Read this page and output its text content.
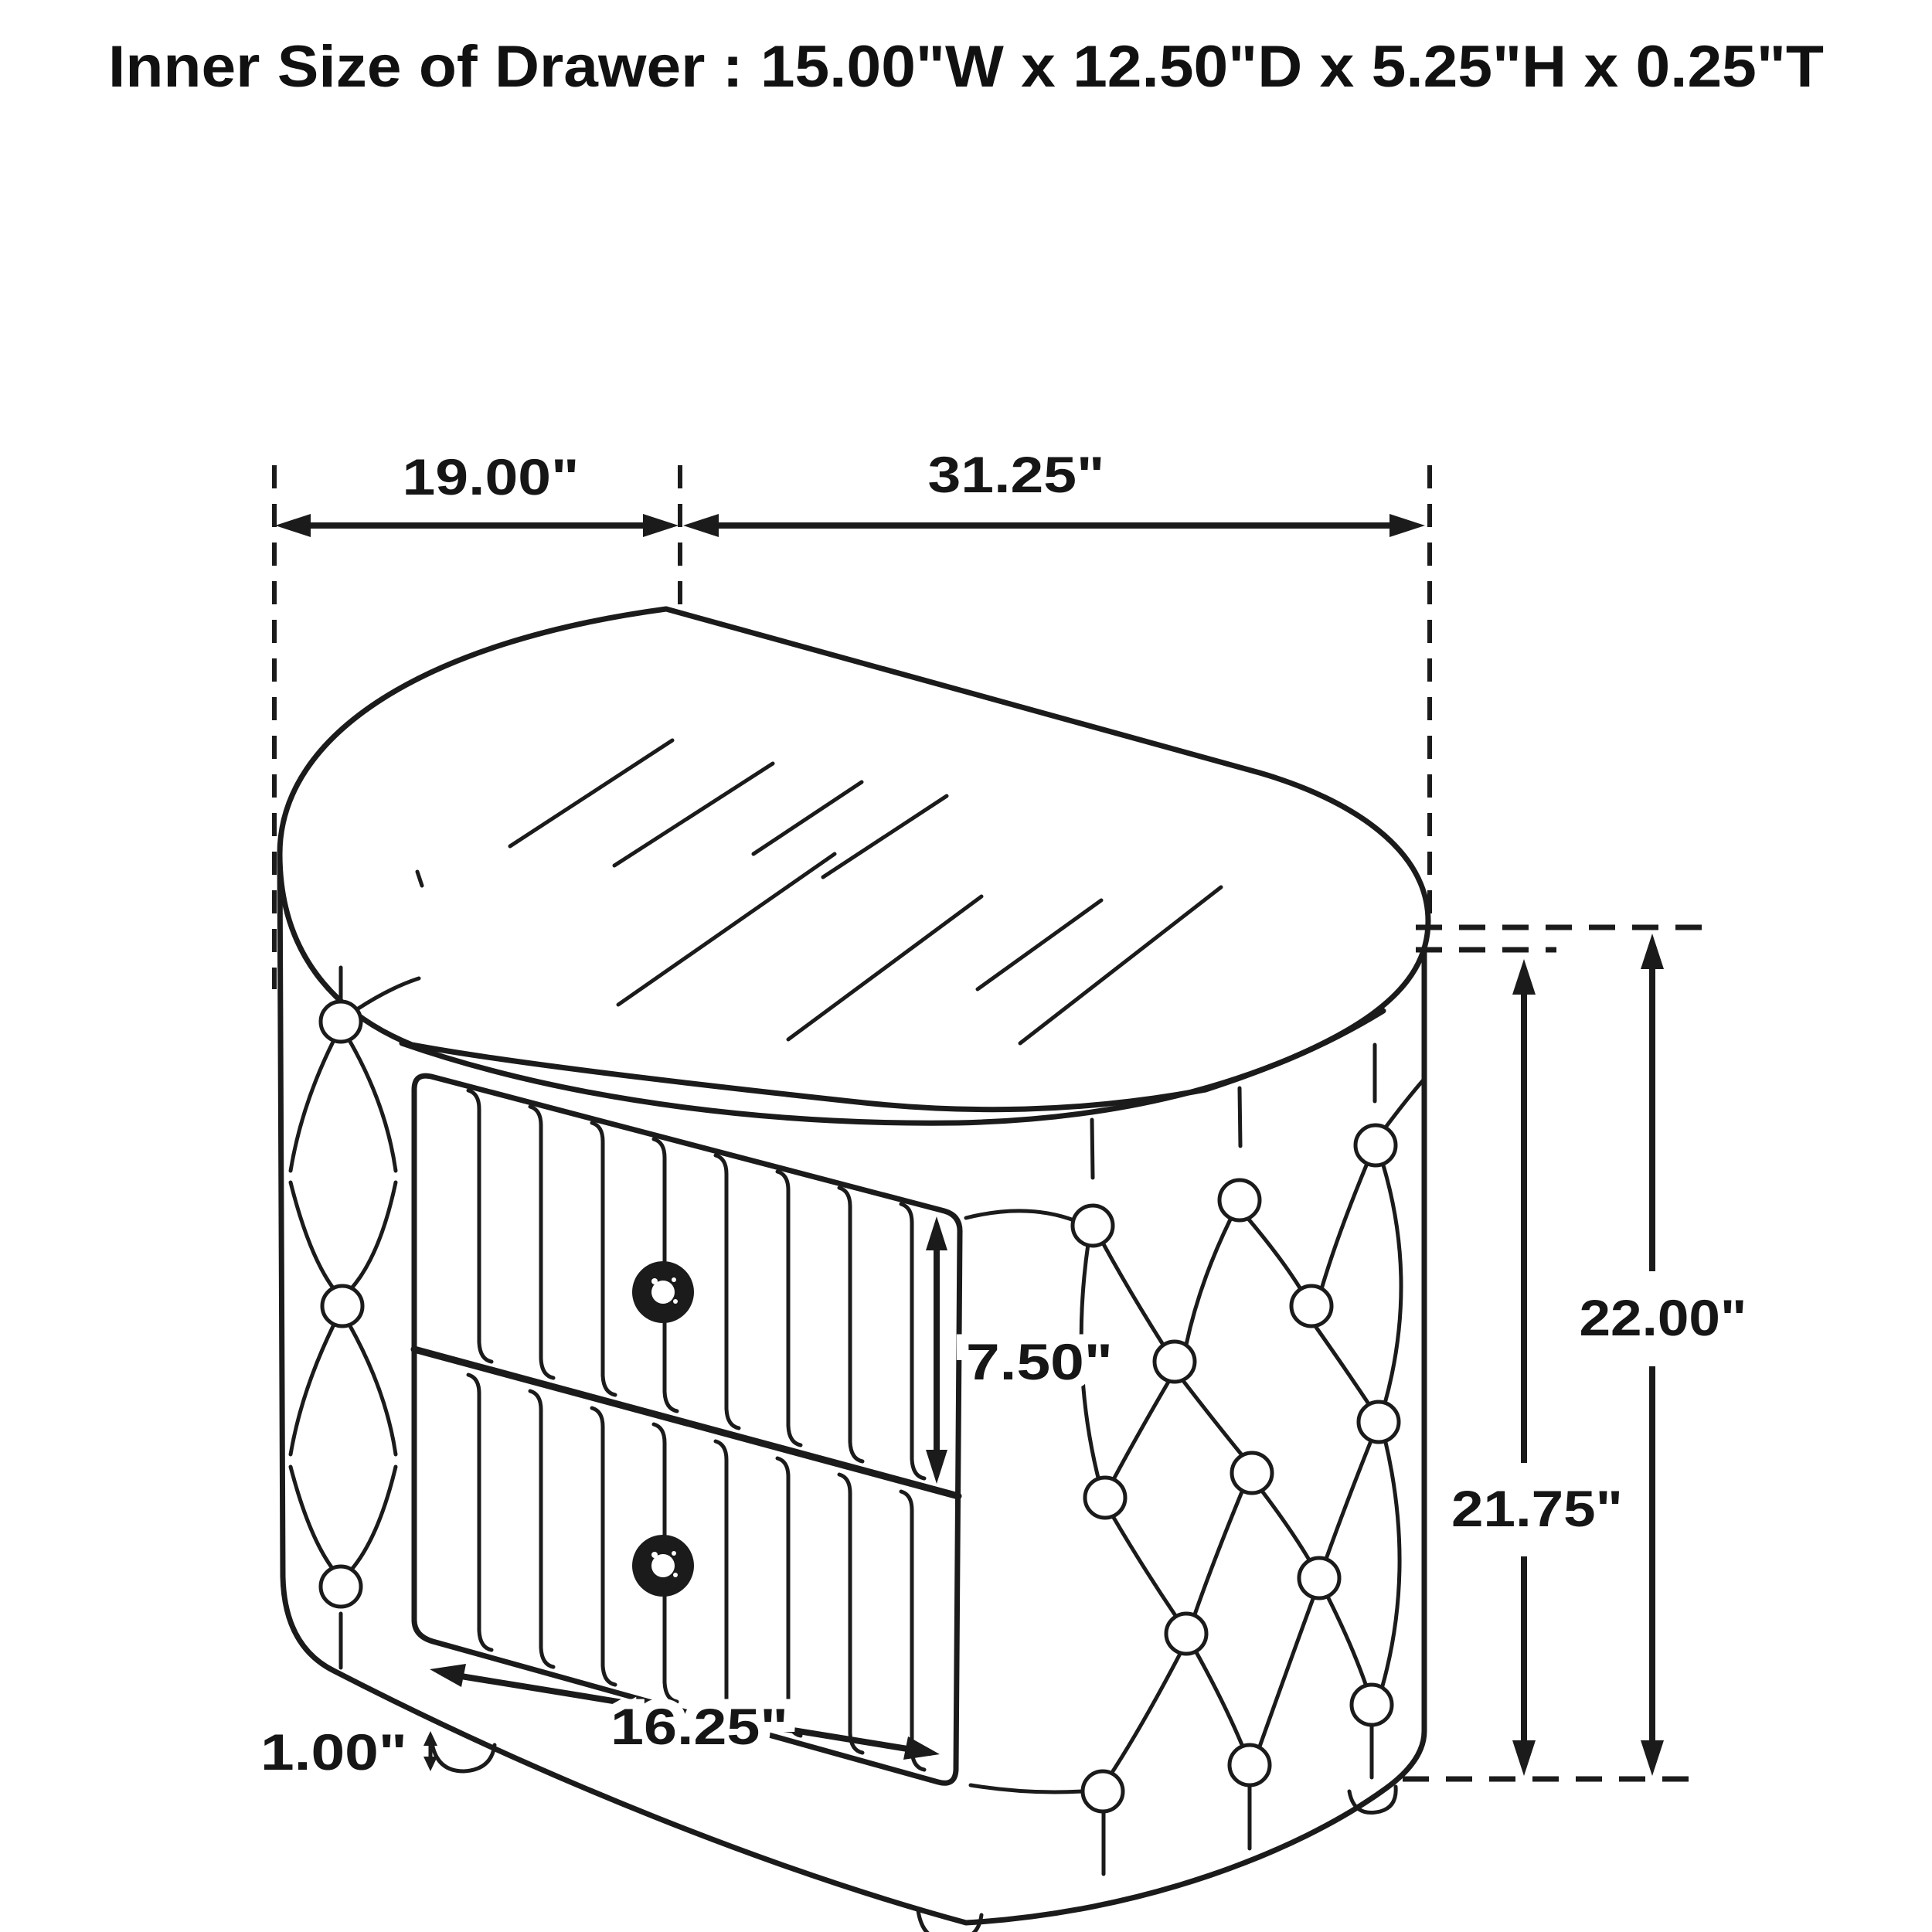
Inner Size of Drawer : 15.00"W x 12.50"D x 5.25"H x 0.25"T
19.00"	31.25"
22.00"
21.75"
7.50"
16.25"
1.00"
